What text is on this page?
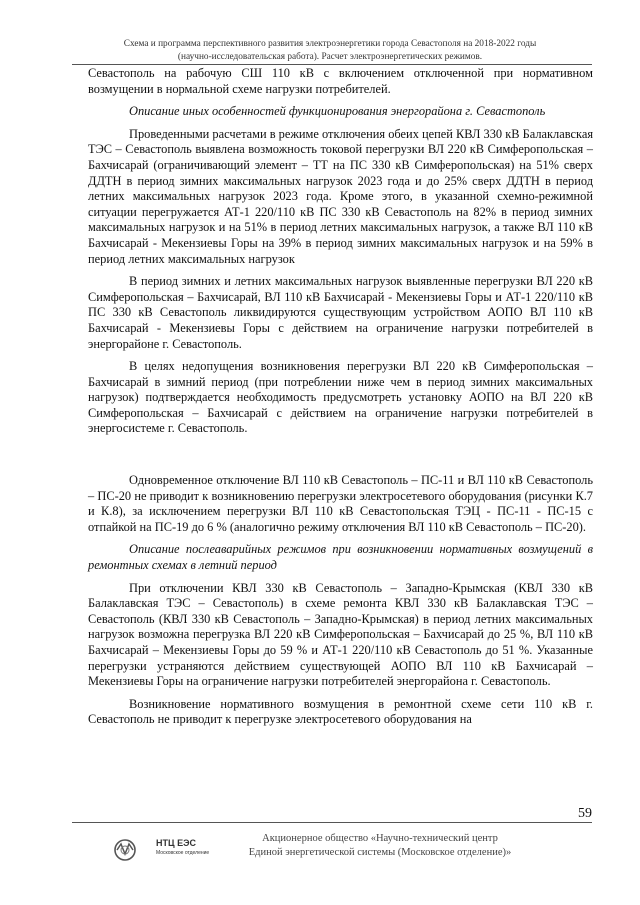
Схема и программа перспективного развития электроэнергетики города Севастополя на 2018-2022 годы
(научно-исследовательская работа). Расчет электроэнергетических режимов.

Севастополь на рабочую СШ 110 кВ с включением отключенной при нормативном возмущении в нормальной схеме нагрузки потребителей.

Описание иных особенностей функционирования энергорайона г. Севастополь

Проведенными расчетами в режиме отключения обеих цепей КВЛ 330 кВ Балаклавская ТЭС – Севастополь выявлена возможность токовой перегрузки ВЛ 220 кВ Симферопольская – Бахчисарай (ограничивающий элемент – ТТ на ПС 330 кВ Симферопольская) на 51% сверх ДДТН в период зимних максимальных нагрузок 2023 года и до 25% сверх ДДТН в период летних максимальных нагрузок 2023 года. Кроме этого, в указанной схемно-режимной ситуации перегружается АТ-1 220/110 кВ ПС 330 кВ Севастополь на 82% в период зимних максимальных нагрузок и на 51% в период летних максимальных нагрузок, а также ВЛ 110 кВ Бахчисарай - Мекензиевы Горы на 39% в период зимних максимальных нагрузок и на 59% в период летних максимальных нагрузок

В период зимних и летних максимальных нагрузок выявленные перегрузки ВЛ 220 кВ Симферопольская – Бахчисарай, ВЛ 110 кВ Бахчисарай - Мекензиевы Горы и АТ-1 220/110 кВ ПС 330 кВ Севастополь ликвидируются существующим устройством АОПО ВЛ 110 кВ Бахчисарай - Мекензиевы Горы с действием на ограничение нагрузки потребителей в энергорайоне г. Севастополь.

В целях недопущения возникновения перегрузки ВЛ 220 кВ Симферопольская – Бахчисарай в зимний период (при потреблении ниже чем в период зимних максимальных нагрузок) подтверждается необходимость предусмотреть установку АОПО на ВЛ 220 кВ Симферопольская – Бахчисарай с действием на ограничение нагрузки потребителей в энергосистеме г. Севастополь.

Одновременное отключение ВЛ 110 кВ Севастополь – ПС-11 и ВЛ 110 кВ Севастополь – ПС-20 не приводит к возникновению перегрузки электросетевого оборудования (рисунки К.7 и К.8), за исключением перегрузки ВЛ 110 кВ Севастопольская ТЭЦ - ПС-11 - ПС-15 с отпайкой на ПС-19 до 6 % (аналогично режиму отключения ВЛ 110 кВ Севастополь – ПС-20).

Описание послеаварийных режимов при возникновении нормативных возмущений в ремонтных схемах в летний период

При отключении КВЛ 330 кВ Севастополь – Западно-Крымская (КВЛ 330 кВ Балаклавская ТЭС – Севастополь) в схеме ремонта КВЛ 330 кВ Балаклавская ТЭС – Севастополь (КВЛ 330 кВ Севастополь – Западно-Крымская) в период летних максимальных нагрузок возможна перегрузка ВЛ 220 кВ Симферопольская – Бахчисарай до 25 %, ВЛ 110 кВ Бахчисарай – Мекензиевы Горы до 59 % и АТ-1 220/110 кВ Севастополь до 51 %. Указанные перегрузки устраняются действием существующей АОПО ВЛ 110 кВ Бахчисарай – Мекензиевы Горы на ограничение нагрузки потребителей энергорайона г. Севастополь.

Возникновение нормативного возмущения в ремонтной схеме сети 110 кВ г. Севастополь не приводит к перегрузке электросетевого оборудования на

59
НТЦ ЕЭС
Московское отделение
Акционерное общество «Научно-технический центр
Единой энергетической системы (Московское отделение)»
